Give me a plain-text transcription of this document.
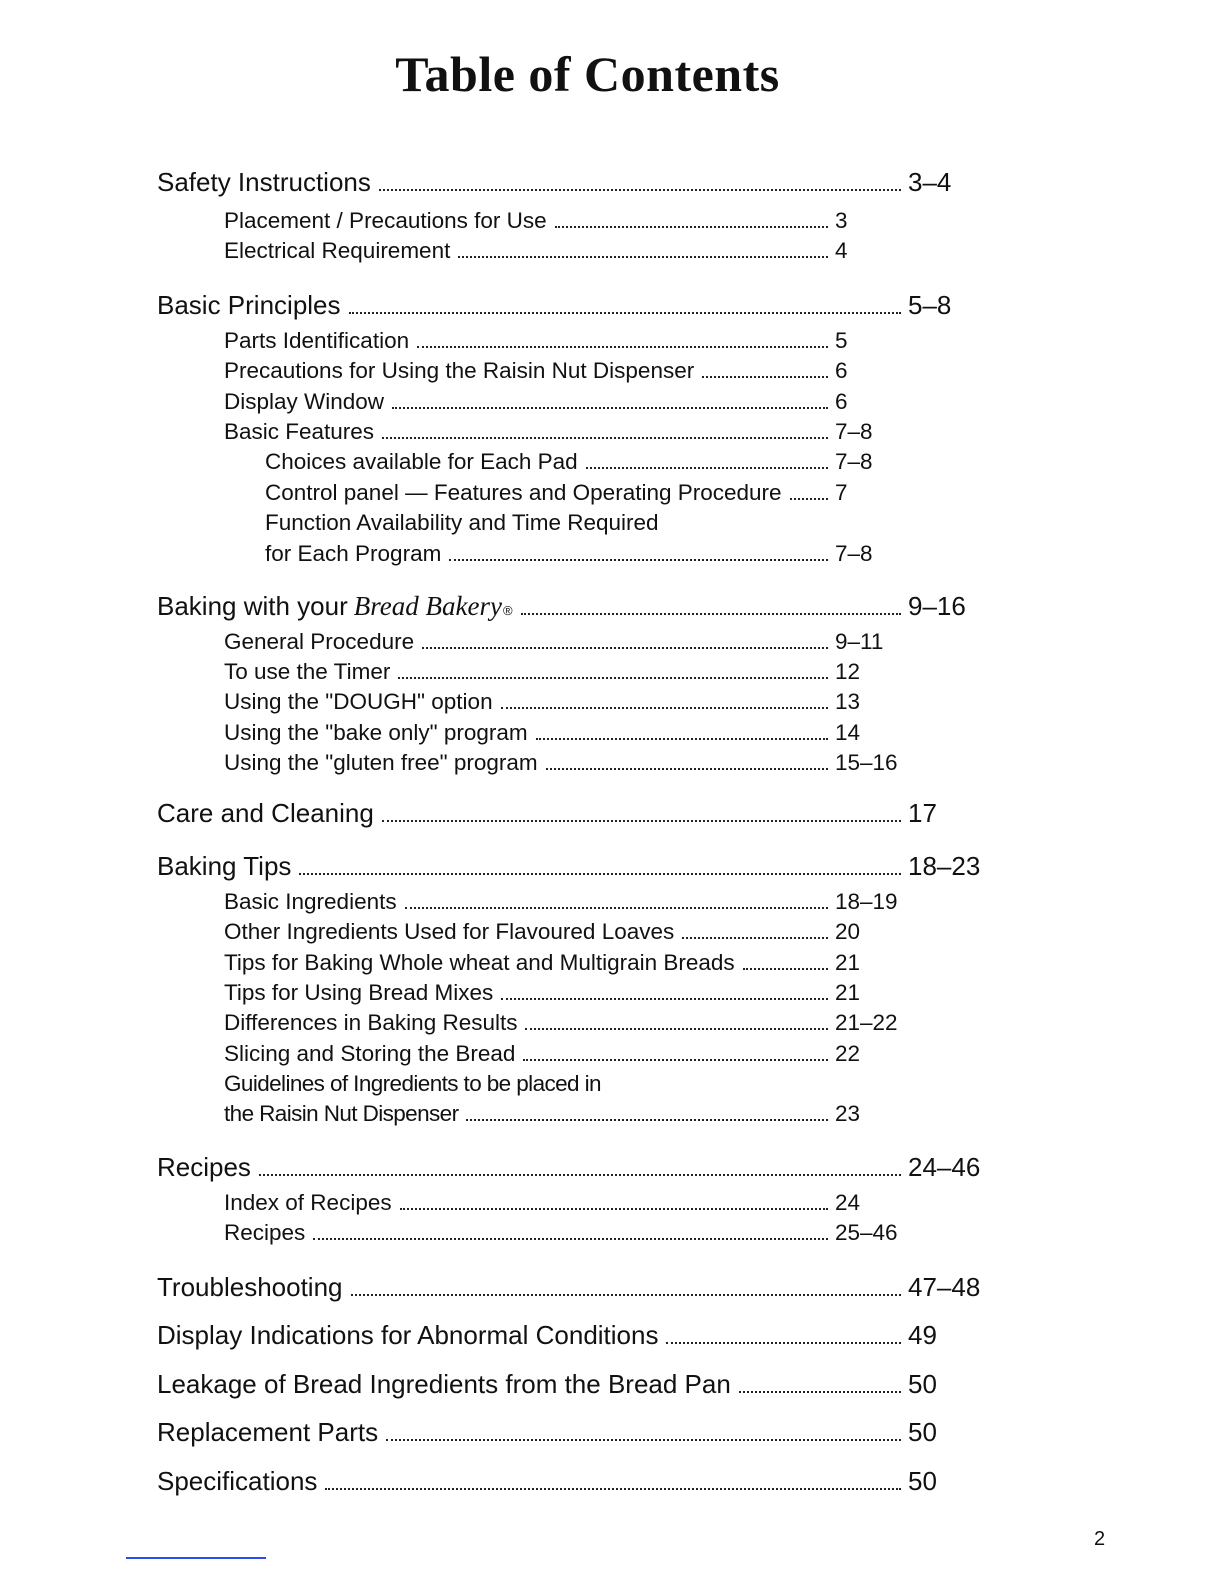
Table of Contents
Safety Instructions	3–4
Placement / Precautions for Use	3
Electrical Requirement	4
Basic Principles	5–8
Parts Identification	5
Precautions for Using the Raisin Nut Dispenser	6
Display Window	6
Basic Features	7–8
Choices available for Each Pad	7–8
Control panel — Features and Operating Procedure 7
Function Availability and Time Required
for Each Program	7–8
Baking with your Bread Bakery ®	9–16
General Procedure	9–11
To use the Timer	12
Using the "DOUGH" option	13
Using the "bake only" program	14
Using the "gluten free" program	15–16
Care and Cleaning	17
Baking Tips	18–23
Basic Ingredients	18–19
Other Ingredients Used for Flavoured Loaves	20
Tips for Baking Whole wheat and Multigrain Breads	21
Tips for Using Bread Mixes	21
Differences in Baking Results	21–22
Slicing and Storing the Bread	22
Guidelines of Ingredients to be placed in
the Raisin Nut Dispenser	23
Recipes	24–46
Index of Recipes	24
Recipes	25–46
Troubleshooting	47–48
Display Indications for Abnormal Conditions	49
Leakage of Bread Ingredients from the Bread Pan	50
Replacement Parts	50
Specifications	50
2
